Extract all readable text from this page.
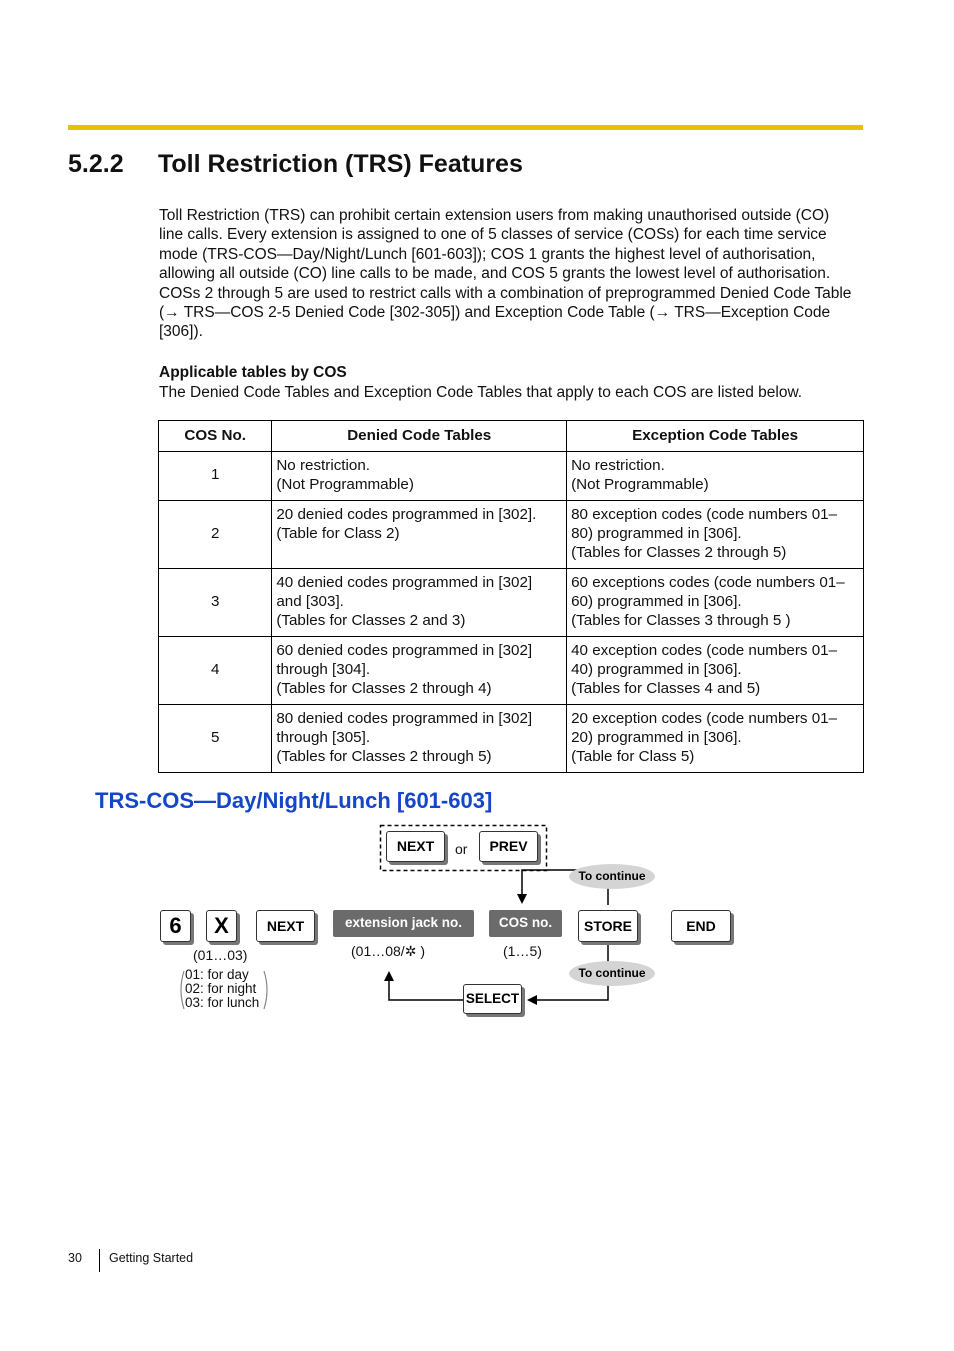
5.2.2 Toll Restriction (TRS) Features
Toll Restriction (TRS) can prohibit certain extension users from making unauthorised outside (CO)
line calls. Every extension is assigned to one of 5 classes of service (COSs) for each time service
mode (TRS-COS—Day/Night/Lunch [601-603]); COS 1 grants the highest level of authorisation,
allowing all outside (CO) line calls to be made, and COS 5 grants the lowest level of authorisation.
COSs 2 through 5 are used to restrict calls with a combination of preprogrammed Denied Code Table
(→ TRS—COS 2-5 Denied Code [302-305]) and Exception Code Table (→ TRS—Exception Code
[306]).
Applicable tables by COS
The Denied Code Tables and Exception Code Tables that apply to each COS are listed below.
COS No.	Denied Code Tables	Exception Code Tables
1	No restriction.
(Not Programmable)	No restriction.
(Not Programmable)

2	20 denied codes programmed in [302].
(Table for Class 2)	80 exception codes (code numbers 01–
80) programmed in [306].
(Tables for Classes 2 through 5)

3	40 denied codes programmed in [302]
and [303].
(Tables for Classes 2 and 3)	60 exceptions codes (code numbers 01–
60) programmed in [306].
(Tables for Classes 3 through 5 )

4	60 denied codes programmed in [302]
through [304].
(Tables for Classes 2 through 4)	40 exception codes (code numbers 01–
40) programmed in [306].
(Tables for Classes 4 and 5)

5	80 denied codes programmed in [302]
through [305].
(Tables for Classes 2 through 5)	20 exception codes (code numbers 01–
20) programmed in [306].
(Table for Class 5)
TRS-COS—Day/Night/Lunch [601-603]
NEXT	or	PREV
To continue
6	X	NEXT	extension jack no.	COS no.	STORE	END
(01…03)	(01…08/✲ )	(1…5)
To continue
01: for day
02: for night
03: for lunch	SELECT
30 Getting Started
